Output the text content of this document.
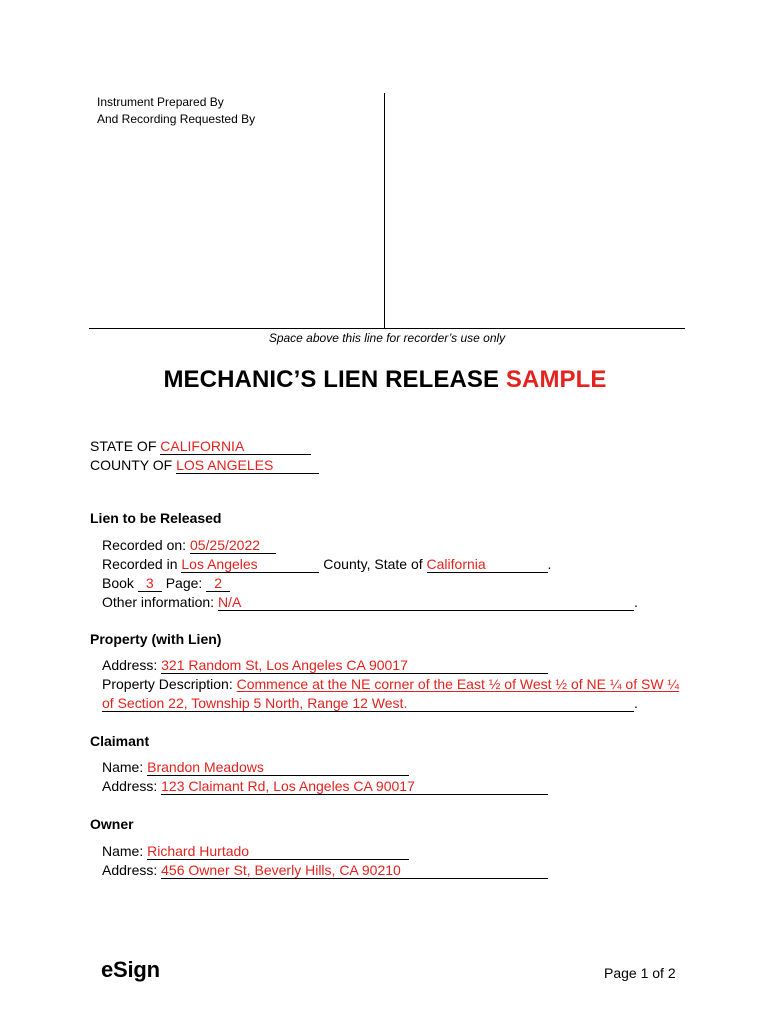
Instrument Prepared By
And Recording Requested By
Space above this line for recorder’s use only
MECHANIC’S LIEN RELEASE SAMPLE
STATE OF CALIFORNIA
COUNTY OF LOS ANGELES
Lien to be Released
Recorded on: 05/25/2022
Recorded in Los Angeles	County, State of California	.
Book 3 Page: 2
Other information: N/A	.
Property (with Lien)
Address: 321 Random St, Los Angeles CA 90017
Property Description: Commence at the NE corner of the East ½ of West ½ of NE ¼ of SW ¼
of Section 22, Township 5 North, Range 12 West.	.
Claimant
Name: Brandon Meadows
Address: 123 Claimant Rd, Los Angeles CA 90017
Owner
Name: Richard Hurtado
Address: 456 Owner St, Beverly Hills, CA 90210
eSign	Page 1 of 2
